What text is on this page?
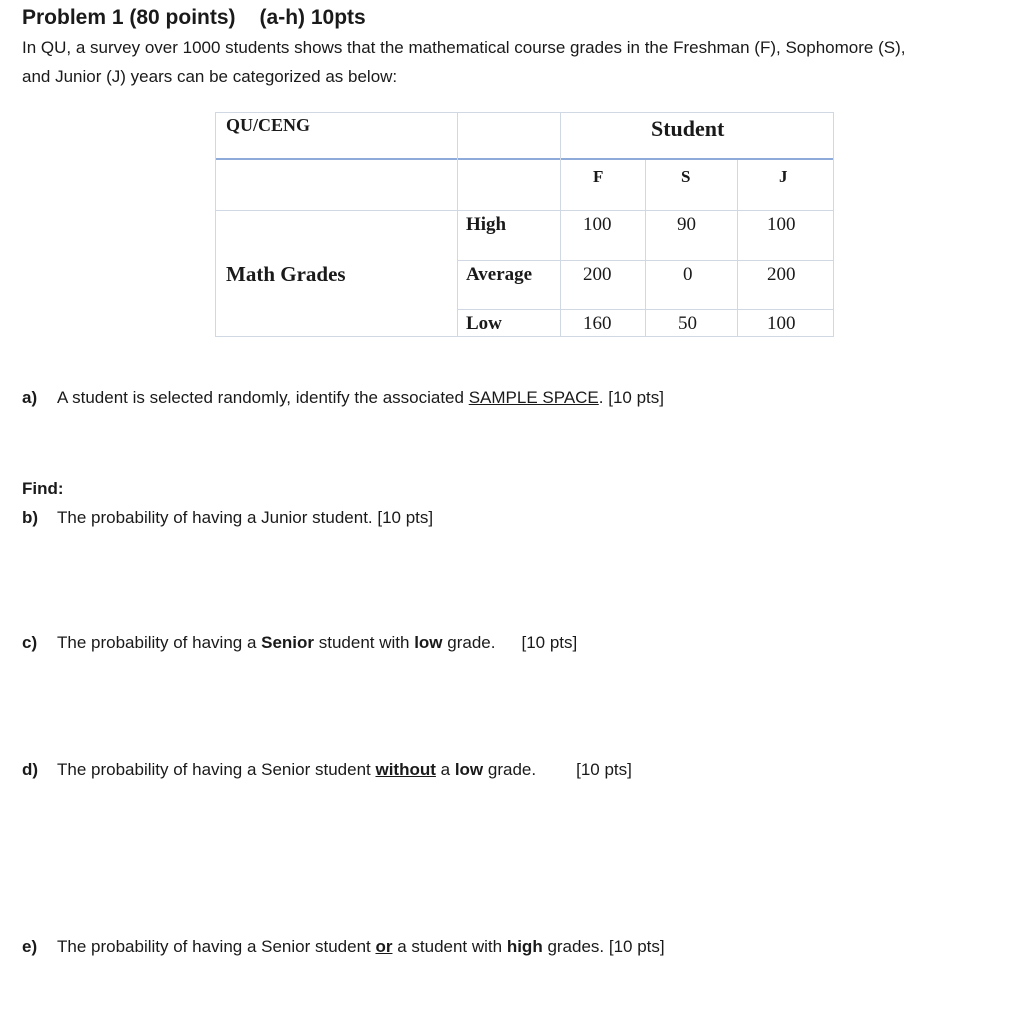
Problem 1 (80 points) (a-h) 10pts
In QU, a survey over 1000 students shows that the mathematical course grades in the Freshman (F), Sophomore (S),
and Junior (J) years can be categorized as below:
QU/CENG	Student
F	S	J
Math Grades
High	100	90	100
Average	200	0	200
Low	160	50	100
a) A student is selected randomly, identify the associated SAMPLE SPACE. [10 pts]
Find:
b) The probability of having a Junior student. [10 pts]
c) The probability of having a Senior student with low grade. [10 pts]
d) The probability of having a Senior student without a low grade. [10 pts]
e) The probability of having a Senior student or a student with high grades. [10 pts]
